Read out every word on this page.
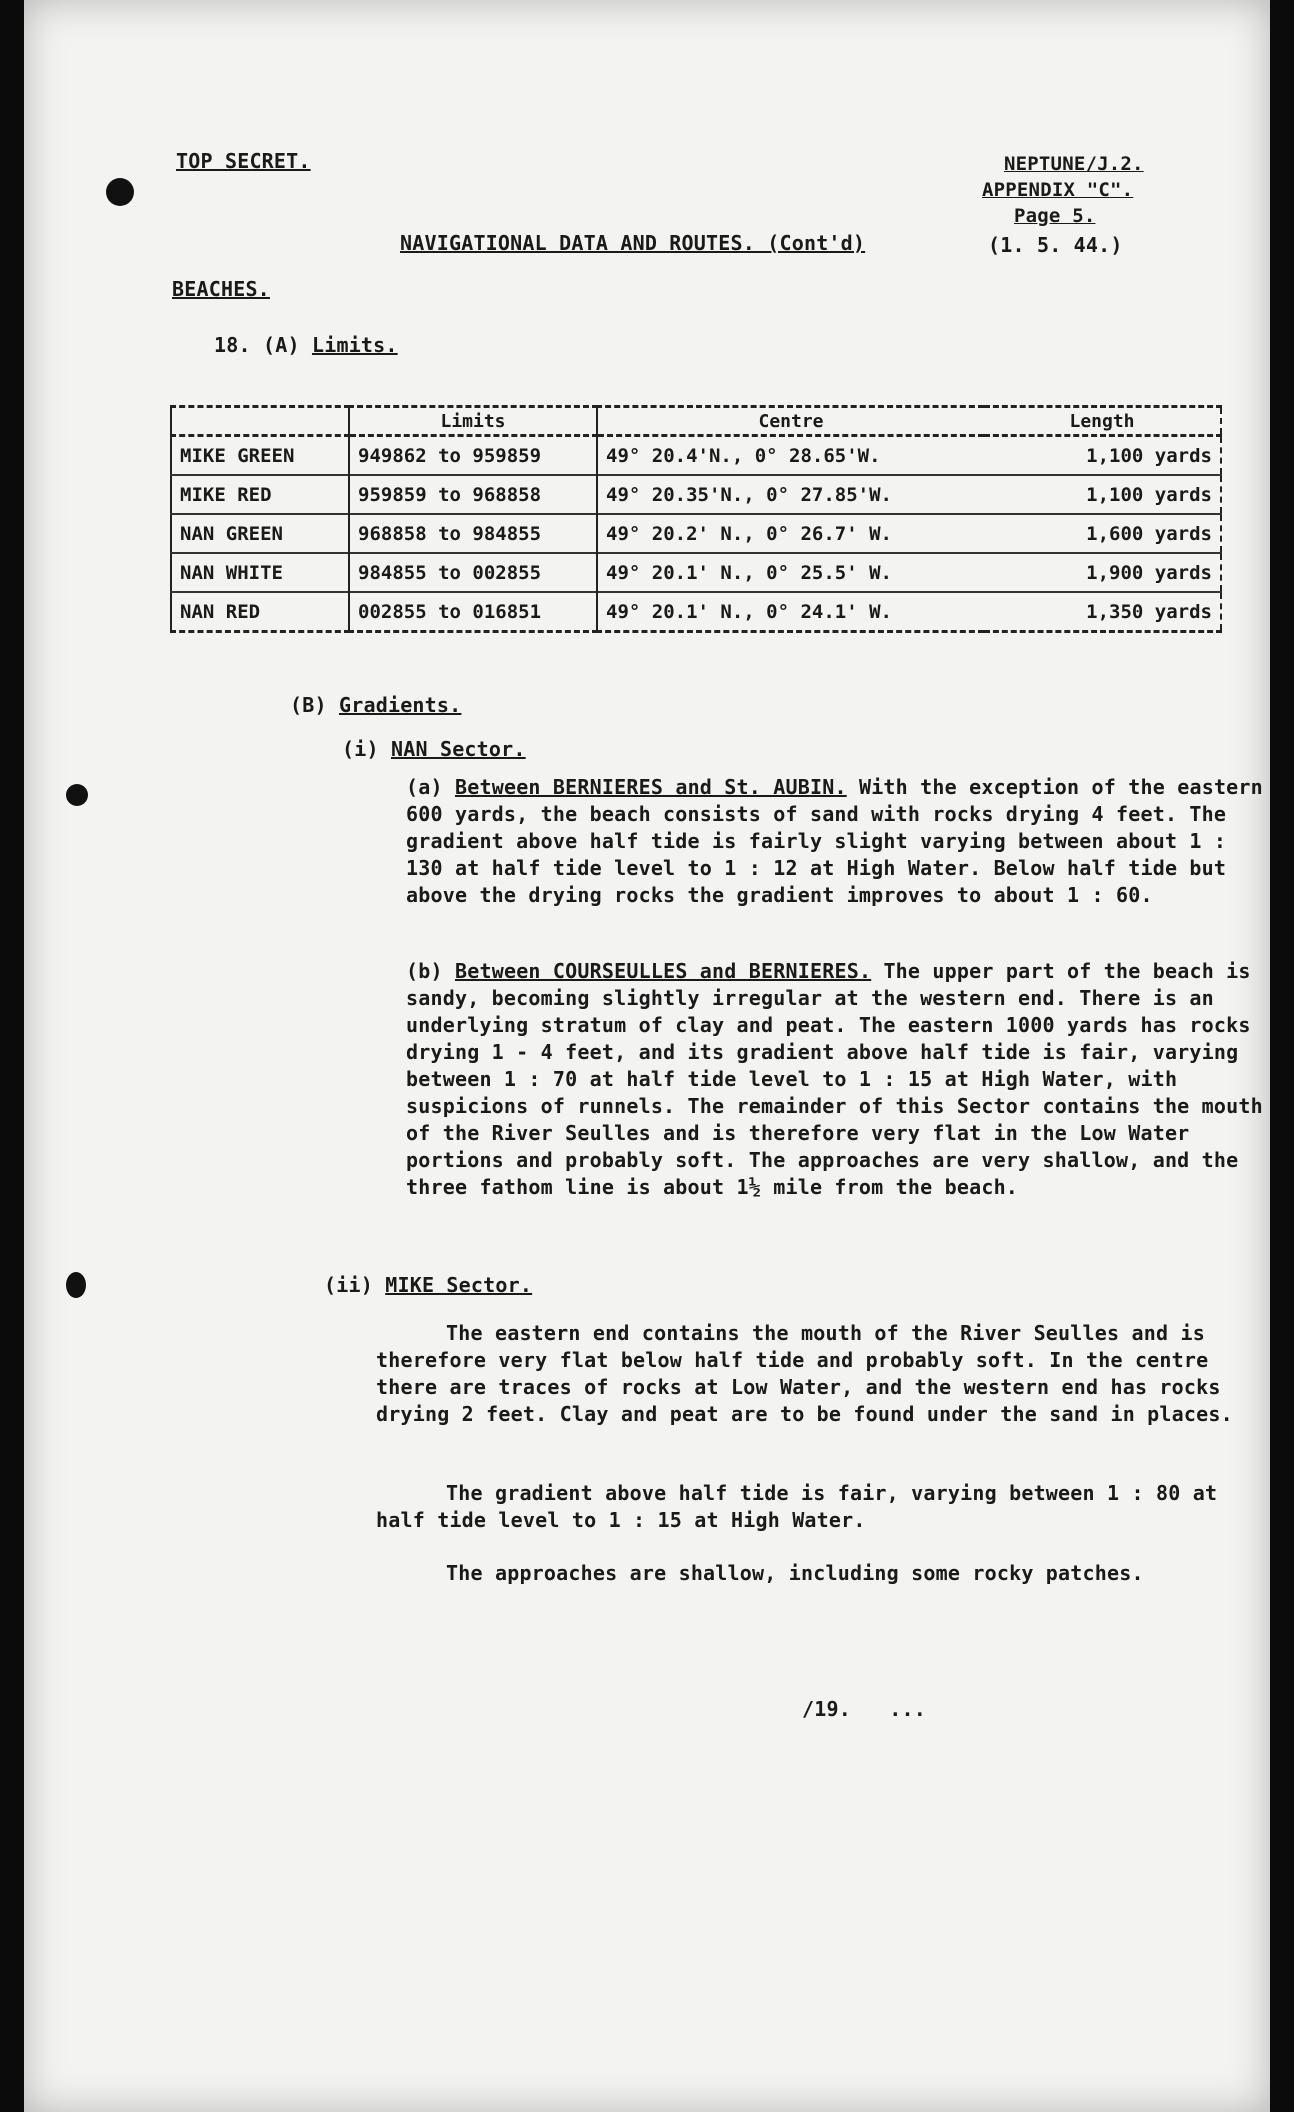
TOP SECRET.	NEPTUNE/J.2.
APPENDIX "C".
Page 5.
NAVIGATIONAL DATA AND ROUTES. (Cont'd)	(1. 5. 44.)
BEACHES.
18. (A) Limits.
	Limits	Centre	Length
MIKE GREEN	949862 to 959859	49° 20.4'N., 0° 28.65'W.	1,100 yards
MIKE RED	959859 to 968858	49° 20.35'N., 0° 27.85'W.	1,100 yards
NAN GREEN	968858 to 984855	49° 20.2' N., 0° 26.7' W.	1,600 yards
NAN WHITE	984855 to 002855	49° 20.1' N., 0° 25.5' W.	1,900 yards
NAN RED	002855 to 016851	49° 20.1' N., 0° 24.1' W.	1,350 yards
(B) Gradients.
(i) NAN Sector.
(a) Between BERNIERES and St. AUBIN. With the exception of the eastern 600 yards, the beach consists of sand with rocks drying 4 feet. The gradient above half tide is fairly slight varying between about 1 : 130 at half tide level to 1 : 12 at High Water. Below half tide but above the drying rocks the gradient improves to about 1 : 60.
(b) Between COURSEULLES and BERNIERES. The upper part of the beach is sandy, becoming slightly irregular at the western end. There is an underlying stratum of clay and peat. The eastern 1000 yards has rocks drying 1 - 4 feet, and its gradient above half tide is fair, varying between 1 : 70 at half tide level to 1 : 15 at High Water, with suspicions of runnels. The remainder of this Sector contains the mouth of the River Seulles and is therefore very flat in the Low Water portions and probably soft. The approaches are very shallow, and the three fathom line is about 1½ mile from the beach.
(ii) MIKE Sector.
The eastern end contains the mouth of the River Seulles and is therefore very flat below half tide and probably soft. In the centre there are traces of rocks at Low Water, and the western end has rocks drying 2 feet. Clay and peat are to be found under the sand in places.
The gradient above half tide is fair, varying between 1 : 80 at half tide level to 1 : 15 at High Water.
The approaches are shallow, including some rocky patches.
/19. ...
